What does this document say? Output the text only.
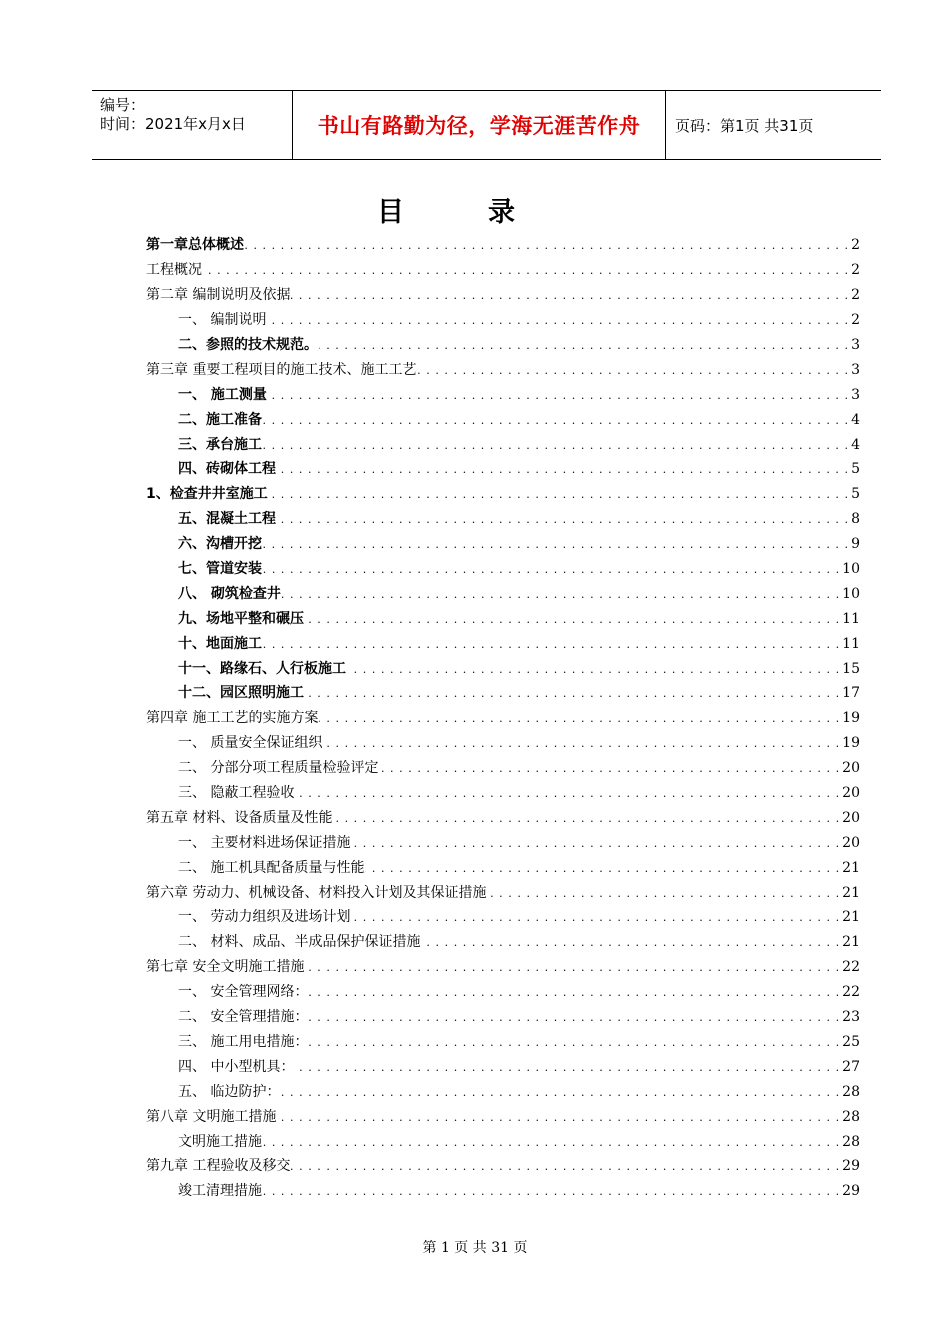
编号：
时间：2021年x月x日	书山有路勤为径，学海无涯苦作舟 页码：第1页 共31页
目录
第一章总体概述 . . .	2
工程概况 . . .	2
第二章 编制说明及依据 . . .	2
一、 编制说明 . . .	2
二、参照的技术规范。 . . .	3
第三章 重要工程项目的施工技术、施工工艺 . . .	3
一、 施工测量 . . .	3
二、施工准备 . . .	4
三、承台施工 . . .	4
四、砖砌体工程 . . .	5
1、检查井井室施工 . . .	5
五、混凝土工程 . . .	8
六、沟槽开挖 . . .	9
七、管道安装 . . .	10
八、 砌筑检查井 . . .	10
九、场地平整和碾压 . . .	11
十、地面施工 . . .	11
十一、路缘石、人行板施工 . . .	15
十二、园区照明施工 . . .	17
第四章 施工工艺的实施方案 . . .	19
一、 质量安全保证组织 . . .	19
二、 分部分项工程质量检验评定 . . .	20
三、 隐蔽工程验收 . . .	20
第五章 材料、设备质量及性能 . . .	20
一、 主要材料进场保证措施 . . .	20
二、 施工机具配备质量与性能 . . .	21
第六章 劳动力、机械设备、材料投入计划及其保证措施 . . .	21
一、 劳动力组织及进场计划 . . .	21
二、 材料、成品、半成品保护保证措施 . . .	21
第七章 安全文明施工措施 . . .	22
一、 安全管理网络： . . .	22
二、 安全管理措施： . . .	23
三、 施工用电措施： . . .	25
四、 中小型机具： . . .	27
五、 临边防护： . . .	28
第八章 文明施工措施 . . .	28
文明施工措施 . . .	28
第九章 工程验收及移交 . . .	29
竣工清理措施 . . .	29
第 1 页 共 31 页
